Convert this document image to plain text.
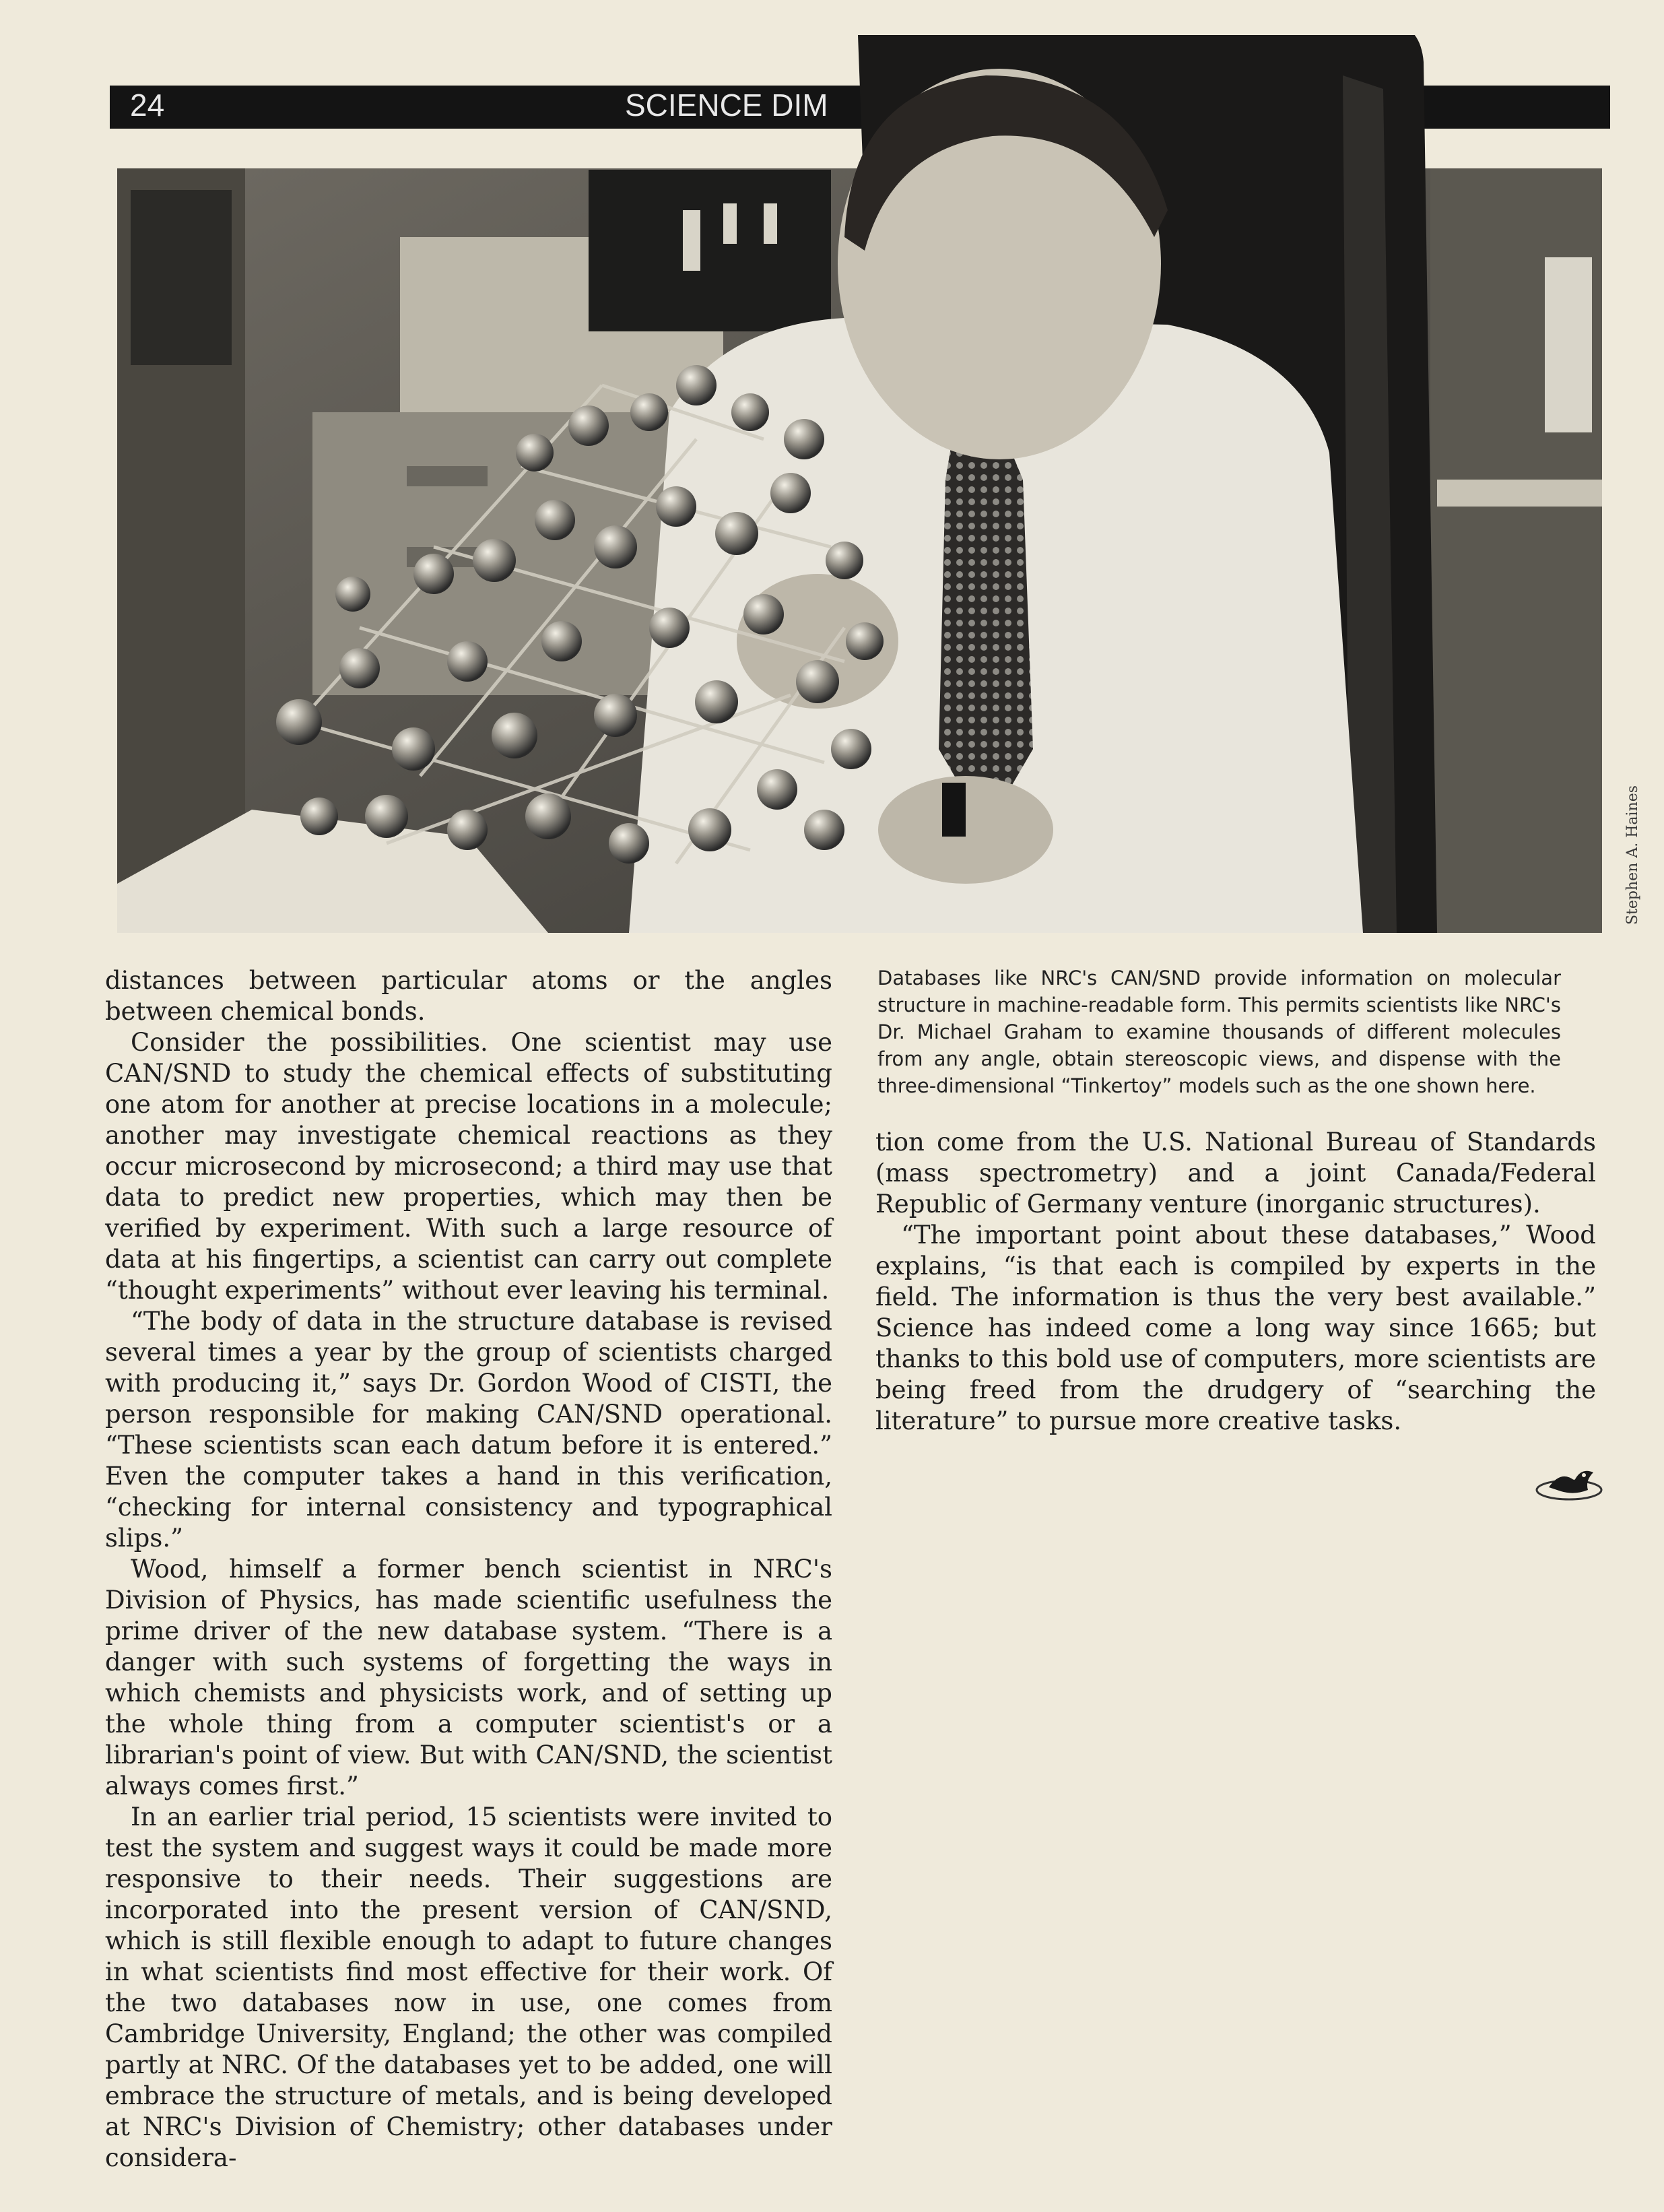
24	SCIENCE DIM
Stephen A. Haines
Databases like NRC's CAN/SND provide information on molecular structure in machine-readable form. This permits scientists like NRC's Dr. Michael Graham to examine thousands of different molecules from any angle, obtain stereoscopic views, and dispense with the three-dimensional “Tinkertoy” models such as the one shown here.

distances between particular atoms or the angles between chemical bonds.

Consider the possibilities. One scientist may use CAN/SND to study the chemical effects of substituting one atom for another at precise locations in a molecule; another may investigate chemical reactions as they occur microsecond by microsecond; a third may use that data to predict new properties, which may then be verified by experiment. With such a large resource of data at his fingertips, a scientist can carry out complete “thought experiments” without ever leaving his terminal.

“The body of data in the structure database is revised several times a year by the group of scientists charged with producing it,” says Dr. Gordon Wood of CISTI, the person responsible for making CAN/SND operational. “These scientists scan each datum before it is entered.” Even the computer takes a hand in this verification, “checking for internal consistency and typographical slips.”

Wood, himself a former bench scientist in NRC's Division of Physics, has made scientific usefulness the prime driver of the new database system. “There is a danger with such systems of forgetting the ways in which chemists and physicists work, and of setting up the whole thing from a computer scientist's or a librarian's point of view. But with CAN/SND, the scientist always comes first.”

In an earlier trial period, 15 scientists were invited to test the system and suggest ways it could be made more responsive to their needs. Their suggestions are incorporated into the present version of CAN/SND, which is still flexible enough to adapt to future changes in what scientists find most effective for their work. Of the two databases now in use, one comes from Cambridge University, England; the other was compiled partly at NRC. Of the databases yet to be added, one will embrace the structure of metals, and is being developed at NRC's Division of Chemistry; other databases under considera-

tion come from the U.S. National Bureau of Standards (mass spectrometry) and a joint Canada/Federal Republic of Germany venture (inorganic structures).

“The important point about these databases,” Wood explains, “is that each is compiled by experts in the field. The information is thus the very best available.” Science has indeed come a long way since 1665; but thanks to this bold use of computers, more scientists are being freed from the drudgery of “searching the literature” to pursue more creative tasks.
